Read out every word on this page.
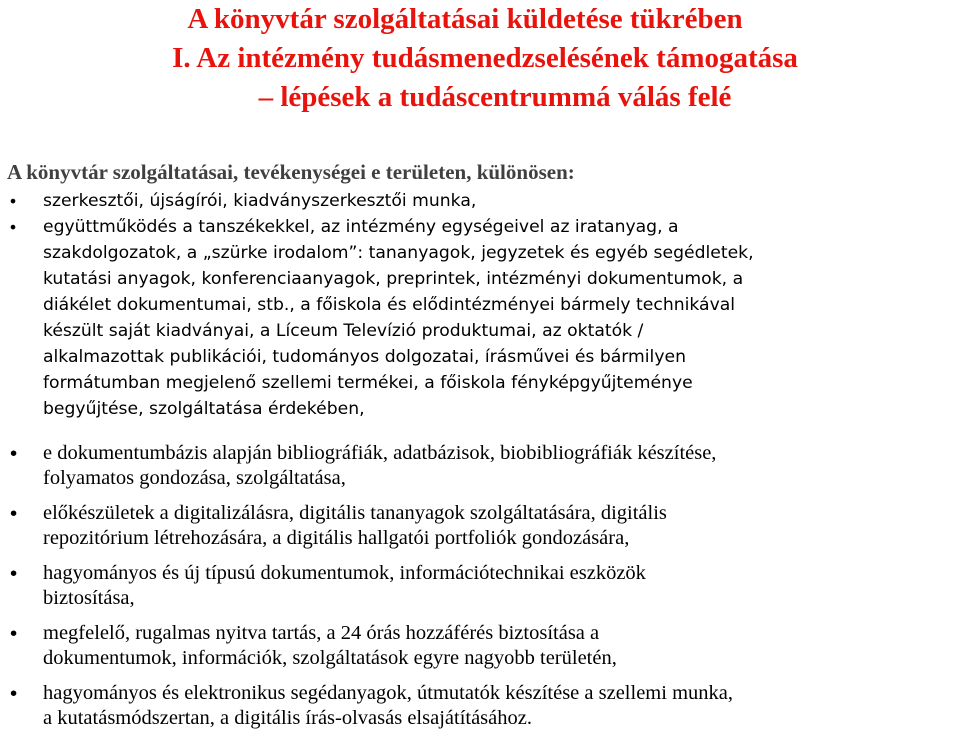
A könyvtár szolgáltatásai küldetése tükrében
I. Az intézmény tudásmenedzselésének támogatása
– lépések a tudáscentrummá válás felé
A könyvtár szolgáltatásai, tevékenységei e területen, különösen:
• szerkesztői, újságírói, kiadványszerkesztői munka,
• együttműködés a tanszékekkel, az intézmény egységeivel az iratanyag, a
szakdolgozatok, a „szürke irodalom”: tananyagok, jegyzetek és egyéb segédletek,
kutatási anyagok, konferenciaanyagok, preprintek, intézményi dokumentumok, a
diákélet dokumentumai, stb., a főiskola és elődintézményei bármely technikával
készült saját kiadványai, a Líceum Televízió produktumai, az oktatók /
alkalmazottak publikációi, tudományos dolgozatai, írásművei és bármilyen
formátumban megjelenő szellemi termékei, a főiskola fényképgyűjteménye
begyűjtése, szolgáltatása érdekében,
• e dokumentumbázis alapján bibliográfiák, adatbázisok, biobibliográfiák készítése,
folyamatos gondozása, szolgáltatása,
• előkészületek a digitalizálásra, digitális tananyagok szolgáltatására, digitális
repozitórium létrehozására, a digitális hallgatói portfoliók gondozására,
• hagyományos és új típusú dokumentumok, információtechnikai eszközök
biztosítása,
• megfelelő, rugalmas nyitva tartás, a 24 órás hozzáférés biztosítása a
dokumentumok, információk, szolgáltatások egyre nagyobb területén,
• hagyományos és elektronikus segédanyagok, útmutatók készítése a szellemi munka,
a kutatásmódszertan, a digitális írás-olvasás elsajátításához.
